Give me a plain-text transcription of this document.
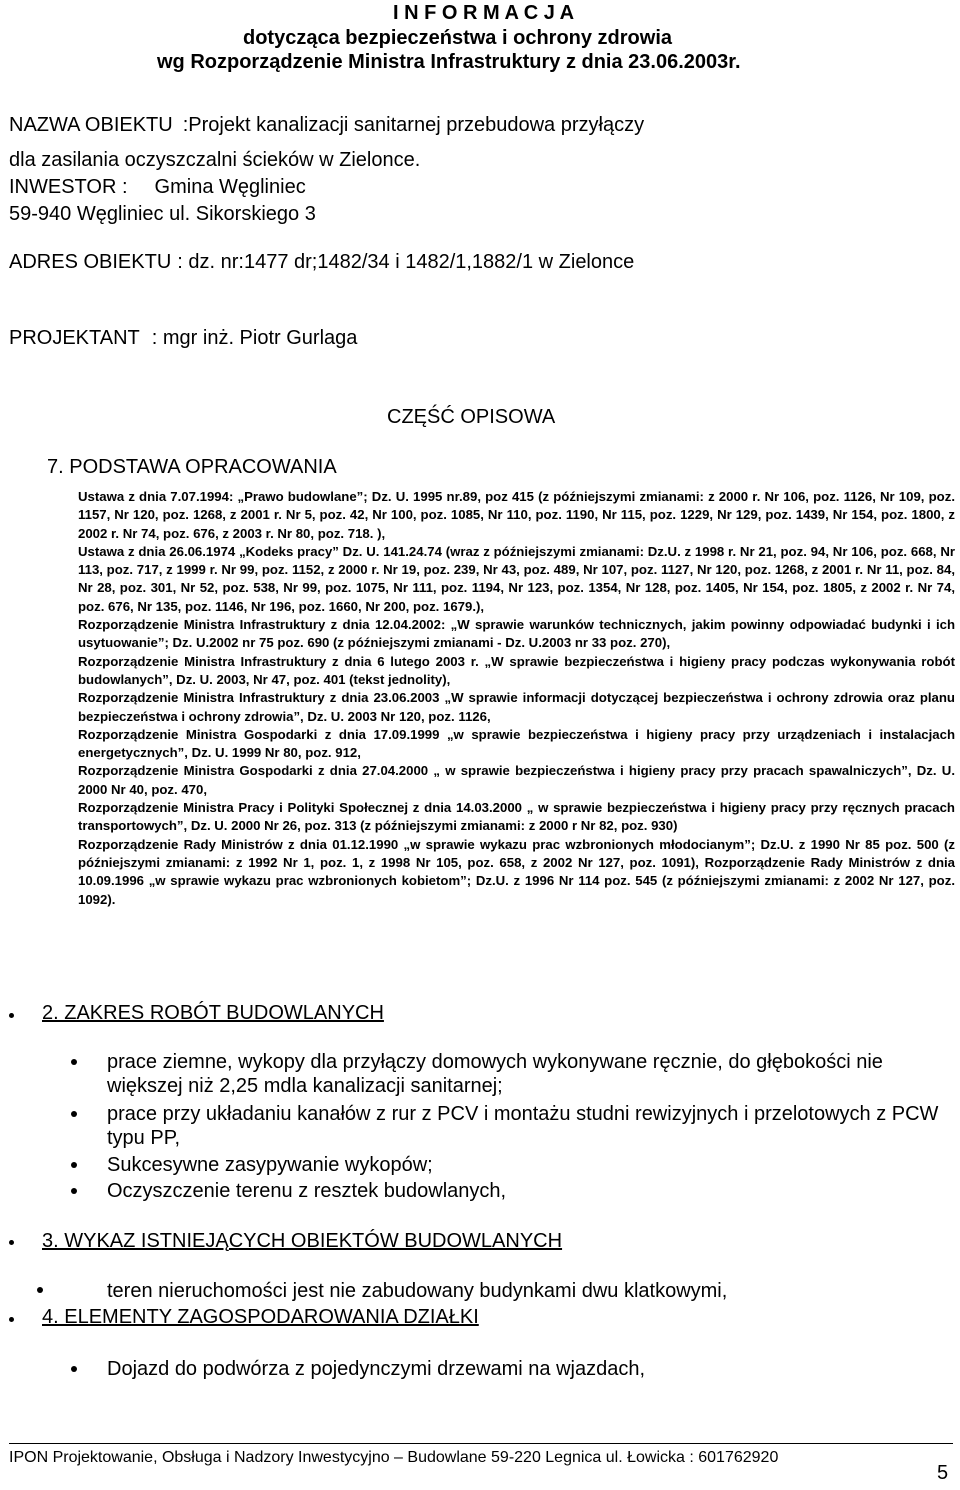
I N F O R M A C J A
dotycząca bezpieczeństwa i ochrony zdrowia
wg Rozporządzenie Ministra Infrastruktury z dnia 23.06.2003r.
NAZWA OBIEKTU :Projekt kanalizacji sanitarnej przebudowa przyłączy
dla zasilania oczyszczalni ścieków w Zielonce.
INWESTOR : Gmina Węgliniec
59-940 Węgliniec ul. Sikorskiego 3
ADRES OBIEKTU : dz. nr:1477 dr;1482/34 i 1482/1,1882/1 w Zielonce
PROJEKTANT : mgr inż. Piotr Gurlaga
CZĘŚĆ OPISOWA
7. PODSTAWA OPRACOWANIA

Ustawa z dnia 7.07.1994: „Prawo budowlane”; Dz. U. 1995 nr.89, poz 415 (z późniejszymi zmianami: z 2000 r. Nr 106, poz. 1126, Nr 109, poz. 1157, Nr 120, poz. 1268, z 2001 r. Nr 5, poz. 42, Nr 100, poz. 1085, Nr 110, poz. 1190, Nr 115, poz. 1229, Nr 129, poz. 1439, Nr 154, poz. 1800, z 2002 r. Nr 74, poz. 676, z 2003 r. Nr 80, poz. 718. ),

Ustawa z dnia 26.06.1974 „Kodeks pracy” Dz. U. 141.24.74 (wraz z późniejszymi zmianami: Dz.U. z 1998 r. Nr 21, poz. 94, Nr 106, poz. 668, Nr 113, poz. 717, z 1999 r. Nr 99, poz. 1152, z 2000 r. Nr 19, poz. 239, Nr 43, poz. 489, Nr 107, poz. 1127, Nr 120, poz. 1268, z 2001 r. Nr 11, poz. 84, Nr 28, poz. 301, Nr 52, poz. 538, Nr 99, poz. 1075, Nr 111, poz. 1194, Nr 123, poz. 1354, Nr 128, poz. 1405, Nr 154, poz. 1805, z 2002 r. Nr 74, poz. 676, Nr 135, poz. 1146, Nr 196, poz. 1660, Nr 200, poz. 1679.),

Rozporządzenie Ministra Infrastruktury z dnia 12.04.2002: „W sprawie warunków technicznych, jakim powinny odpowiadać budynki i ich usytuowanie”; Dz. U.2002 nr 75 poz. 690 (z późniejszymi zmianami - Dz. U.2003 nr 33 poz. 270),

Rozporządzenie Ministra Infrastruktury z dnia 6 lutego 2003 r. „W sprawie bezpieczeństwa i higieny pracy podczas wykonywania robót budowlanych”, Dz. U. 2003, Nr 47, poz. 401 (tekst jednolity),

Rozporządzenie Ministra Infrastruktury z dnia 23.06.2003 „W sprawie informacji dotyczącej bezpieczeństwa i ochrony zdrowia oraz planu bezpieczeństwa i ochrony zdrowia”, Dz. U. 2003 Nr 120, poz. 1126,

Rozporządzenie Ministra Gospodarki z dnia 17.09.1999 „w sprawie bezpieczeństwa i higieny pracy przy urządzeniach i instalacjach energetycznych”, Dz. U. 1999 Nr 80, poz. 912,

Rozporządzenie Ministra Gospodarki z dnia 27.04.2000 „ w sprawie bezpieczeństwa i higieny pracy przy pracach spawalniczych”, Dz. U. 2000 Nr 40, poz. 470,

Rozporządzenie Ministra Pracy i Polityki Społecznej z dnia 14.03.2000 „ w sprawie bezpieczeństwa i higieny pracy przy ręcznych pracach transportowych”, Dz. U. 2000 Nr 26, poz. 313 (z późniejszymi zmianami: z 2000 r Nr 82, poz. 930)

Rozporządzenie Rady Ministrów z dnia 01.12.1990 „w sprawie wykazu prac wzbronionych młodocianym”; Dz.U. z 1990 Nr 85 poz. 500 (z późniejszymi zmianami: z 1992 Nr 1, poz. 1, z 1998 Nr 105, poz. 658, z 2002 Nr 127, poz. 1091), Rozporządzenie Rady Ministrów z dnia 10.09.1996 „w sprawie wykazu prac wzbronionych kobietom”; Dz.U. z 1996 Nr 114 poz. 545 (z późniejszymi zmianami: z 2002 Nr 127, poz. 1092).

2. ZAKRES ROBÓT BUDOWLANYCH
prace ziemne, wykopy dla przyłączy domowych wykonywane ręcznie, do głębokości nie większej niż 2,25 mdla kanalizacji sanitarnej;
prace przy układaniu kanałów z rur z PCV i montażu studni rewizyjnych i przelotowych z PCW typu PP,
Sukcesywne zasypywanie wykopów;
Oczyszczenie terenu z resztek budowlanych,
3. WYKAZ ISTNIEJĄCYCH OBIEKTÓW BUDOWLANYCH
teren nieruchomości jest nie zabudowany budynkami dwu klatkowymi,
4. ELEMENTY ZAGOSPODAROWANIA DZIAŁKI
Dojazd do podwórza z pojedynczymi drzewami na wjazdach,
IPON Projektowanie, Obsługa i Nadzory Inwestycyjno – Budowlane 59-220 Legnica ul. Łowicka : 601762920
5
